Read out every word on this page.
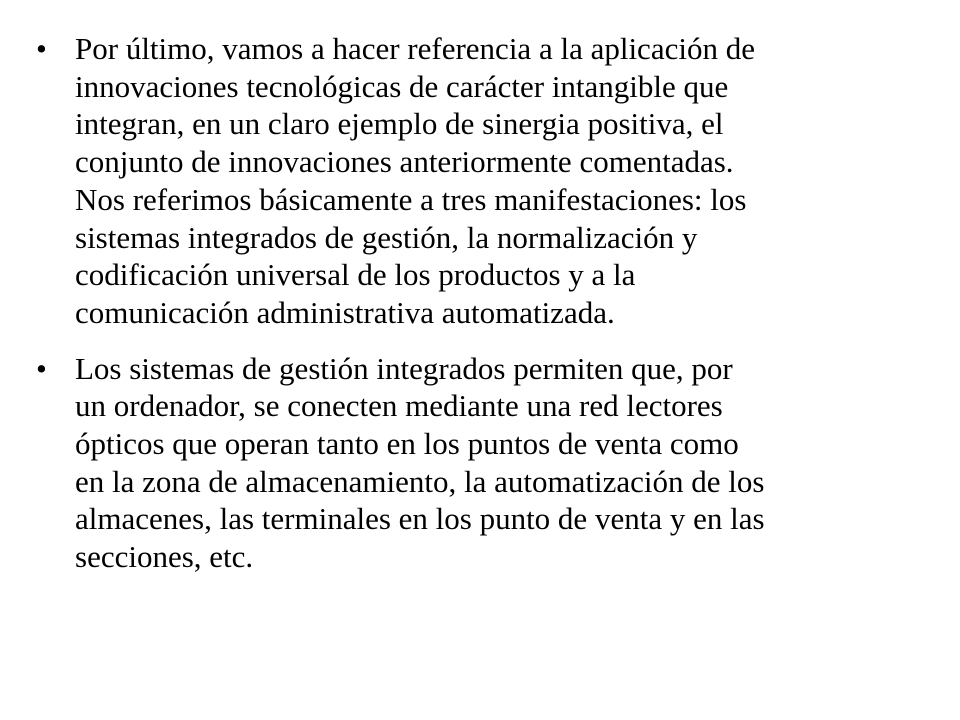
• Por último, vamos a hacer referencia a la aplicación de
innovaciones tecnológicas de carácter intangible que
integran, en un claro ejemplo de sinergia positiva, el
conjunto de innovaciones anteriormente comentadas.
Nos referimos básicamente a tres manifestaciones: los
sistemas integrados de gestión, la normalización y
codificación universal de los productos y a la
comunicación administrativa automatizada.
• Los sistemas de gestión integrados permiten que, por
un ordenador, se conecten mediante una red lectores
ópticos que operan tanto en los puntos de venta como
en la zona de almacenamiento, la automatización de los
almacenes, las terminales en los punto de venta y en las
secciones, etc.
